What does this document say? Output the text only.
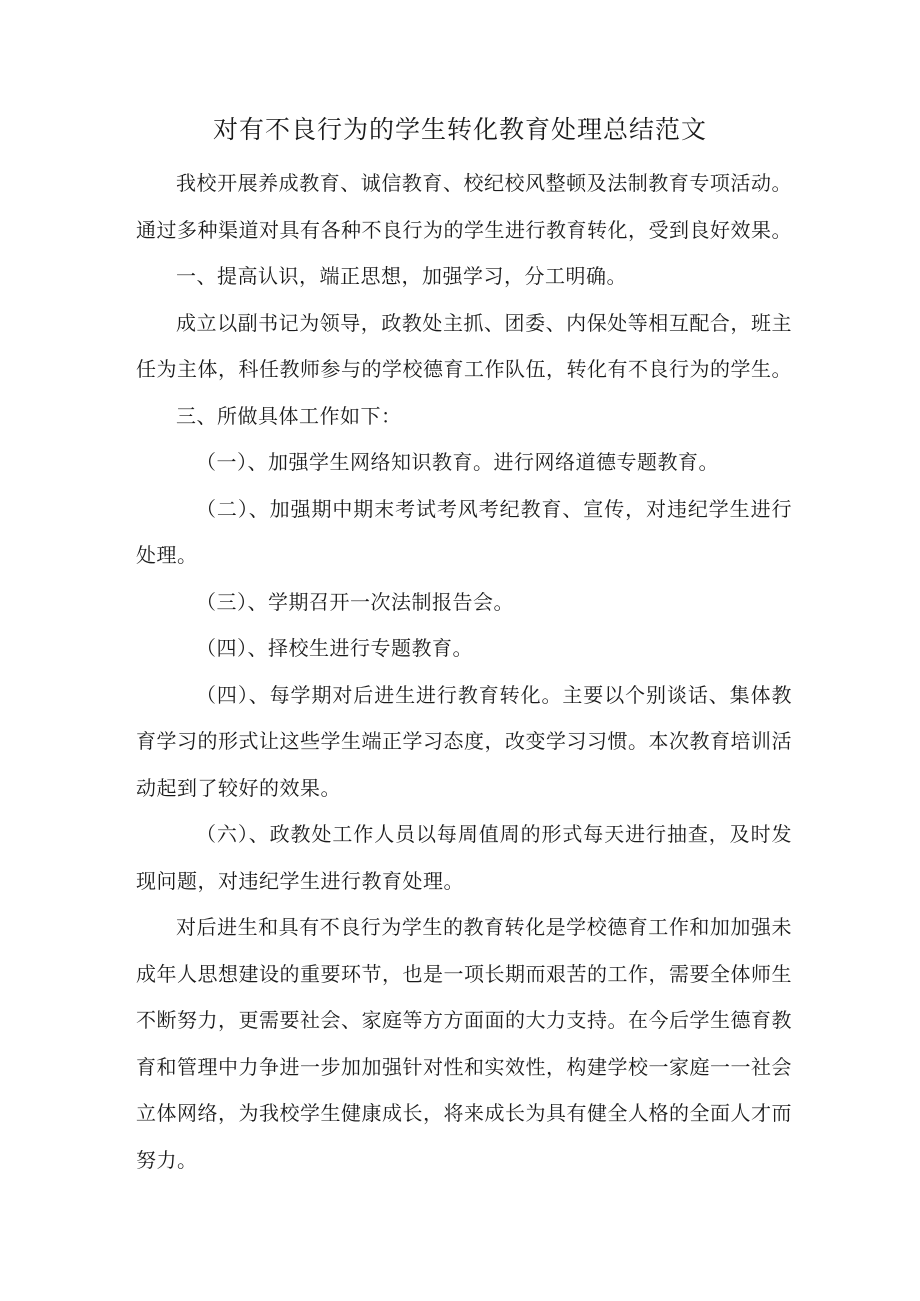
对有不良行为的学生转化教育处理总结范文

我校开展养成教育、诚信教育、校纪校风整顿及法制教育专项活动。通过多种渠道对具有各种不良行为的学生进行教育转化，受到良好效果。

一、提高认识，端正思想，加强学习，分工明确。

成立以副书记为领导，政教处主抓、团委、内保处等相互配合，班主任为主体，科任教师参与的学校德育工作队伍，转化有不良行为的学生。

三、所做具体工作如下：

（一）、加强学生网络知识教育。进行网络道德专题教育。

（二）、加强期中期末考试考风考纪教育、宣传，对违纪学生进行处理。

（三）、学期召开一次法制报告会。

（四）、择校生进行专题教育。

（四）、每学期对后进生进行教育转化。主要以个别谈话、集体教育学习的形式让这些学生端正学习态度，改变学习习惯。本次教育培训活动起到了较好的效果。

（六）、政教处工作人员以每周值周的形式每天进行抽查，及时发现问题，对违纪学生进行教育处理。

对后进生和具有不良行为学生的教育转化是学校德育工作和加加强未成年人思想建设的重要环节，也是一项长期而艰苦的工作，需要全体师生不断努力，更需要社会、家庭等方方面面的大力支持。在今后学生德育教育和管理中力争进一步加加强针对性和实效性，构建学校一家庭一一社会立体网络，为我校学生健康成长，将来成长为具有健全人格的全面人才而努力。
